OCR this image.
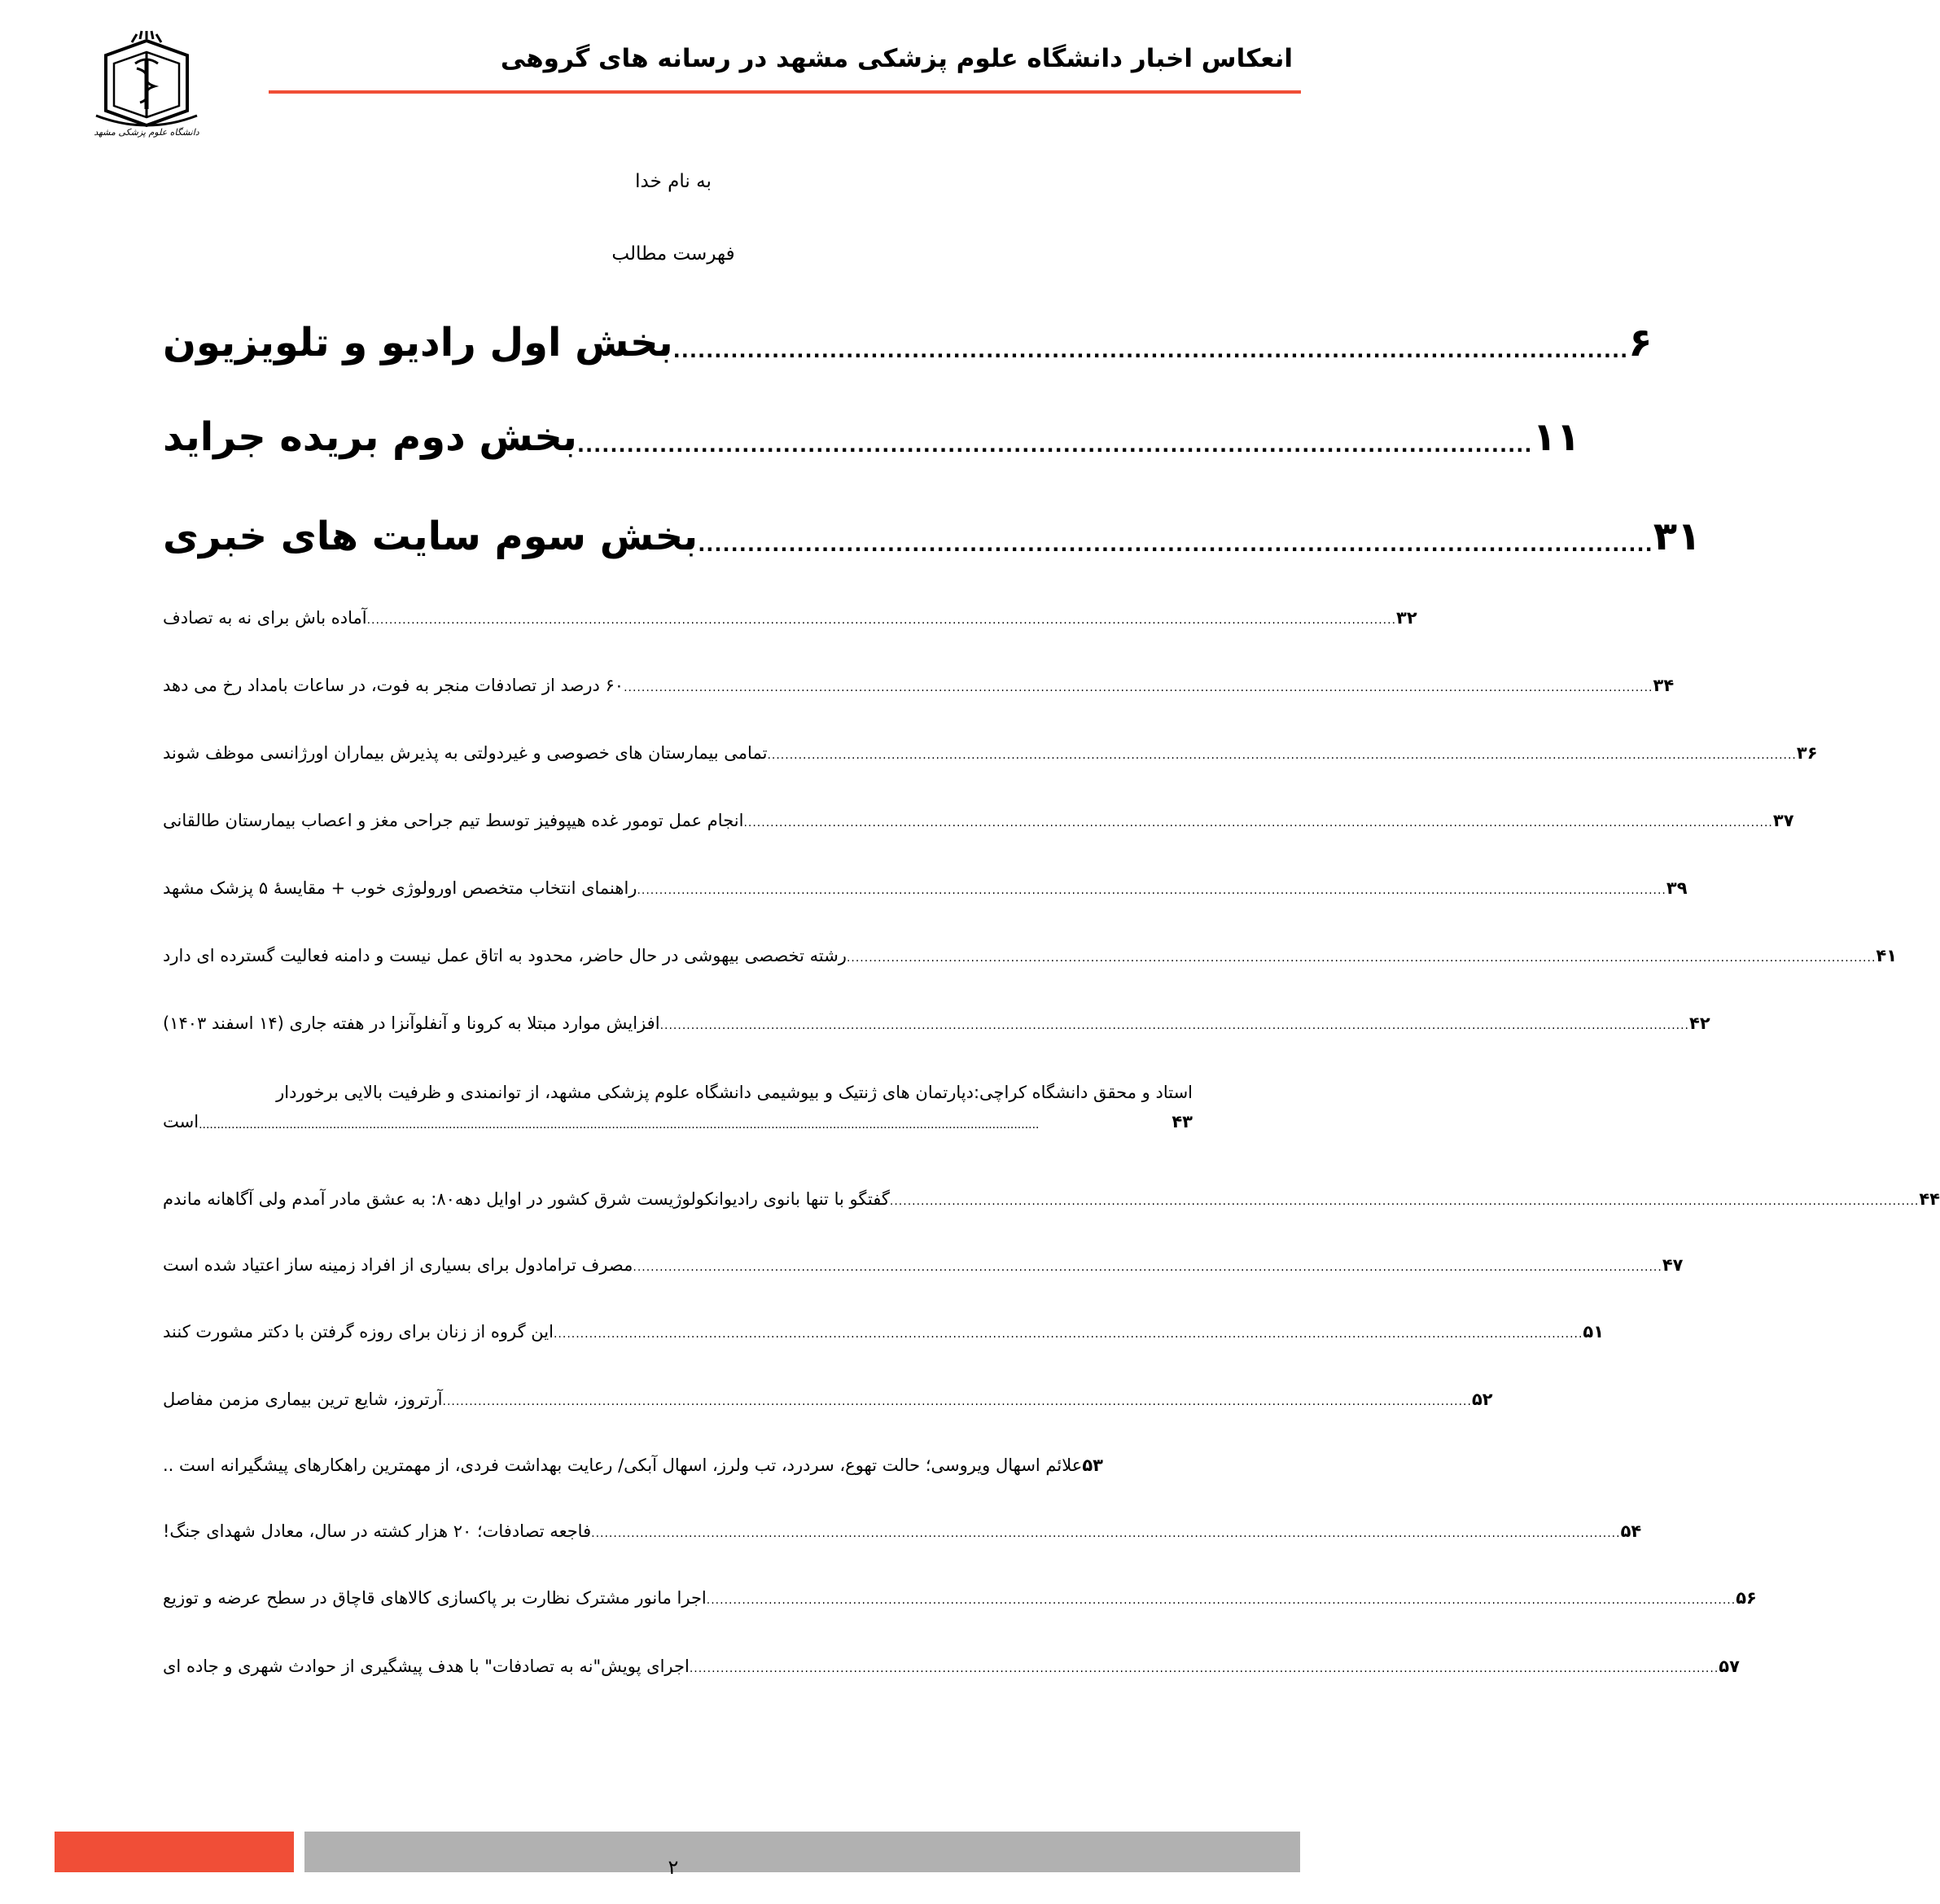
انعکاس اخبار دانشگاه علوم پزشکی مشهد در رسانه های گروهی
دانشگاه علوم پزشکی مشهد
به نام خدا
فهرست مطالب
بخش اول رادیو و تلویزیون .................................................................................................................... ۶
بخش دوم بریده جراید .................................................................................................................... ۱۱
بخش سوم سایت های خبری .................................................................................................................... ۳۱
آماده باش برای نه به تصادف ........................................................................................................................................................................................................................................ ۳۲
۶۰ درصد از تصادفات منجر به فوت، در ساعات بامداد رخ می دهد ........................................................................................................................................................................................................................................ ۳۴
تمامی بیمارستان های خصوصی و غیردولتی به پذیرش بیماران اورژانسی موظف شوند ........................................................................................................................................................................................................................................ ۳۶
انجام عمل تومور غده هیپوفیز توسط تیم جراحی مغز و اعصاب بیمارستان طالقانی ........................................................................................................................................................................................................................................ ۳۷
راهنمای انتخاب متخصص اورولوژی خوب + مقایسهٔ ۵ پزشک مشهد ........................................................................................................................................................................................................................................ ۳۹
رشته تخصصی بیهوشی در حال حاضر، محدود به اتاق عمل نیست و دامنه فعالیت گسترده ای دارد ........................................................................................................................................................................................................................................ ۴۱
افزایش موارد مبتلا به کرونا و آنفلوآنزا در هفته جاری (۱۴ اسفند ۱۴۰۳) ........................................................................................................................................................................................................................................ ۴۲
استاد و محقق دانشگاه کراچی:دپارتمان های ژنتیک و بیوشیمی دانشگاه علوم پزشکی مشهد، از توانمندی و ظرفیت بالایی برخوردار
است ........................................................................................................................................................................................................................................	۴۳
گفتگو با تنها بانوی رادیوانکولوژیست شرق کشور در اوایل دهه۸۰: به عشق مادر آمدم ولی آگاهانه ماندم ........................................................................................................................................................................................................................................ ۴۴
مصرف ترامادول برای بسیاری از افراد زمینه ساز اعتیاد شده است ........................................................................................................................................................................................................................................ ۴۷
این گروه از زنان برای روزه گرفتن با دکتر مشورت کنند ........................................................................................................................................................................................................................................ ۵۱
آرتروز، شایع ترین بیماری مزمن مفاصل ........................................................................................................................................................................................................................................ ۵۲
علائم اسهال ویروسی؛ حالت تهوع، سردرد، تب ولرز، اسهال آبکی/ رعایت بهداشت فردی، از مهمترین راهکارهای پیشگیرانه است .. ۵۳
فاجعه تصادفات؛ ۲۰ هزار کشته در سال، معادل شهدای جنگ! ........................................................................................................................................................................................................................................ ۵۴
اجرا مانور مشترک نظارت بر پاکسازی کالاهای قاچاق در سطح عرضه و توزیع ........................................................................................................................................................................................................................................ ۵۶
اجرای پویش"نه به تصادفات" با هدف پیشگیری از حوادث شهری و جاده ای ........................................................................................................................................................................................................................................ ۵۷
۲
